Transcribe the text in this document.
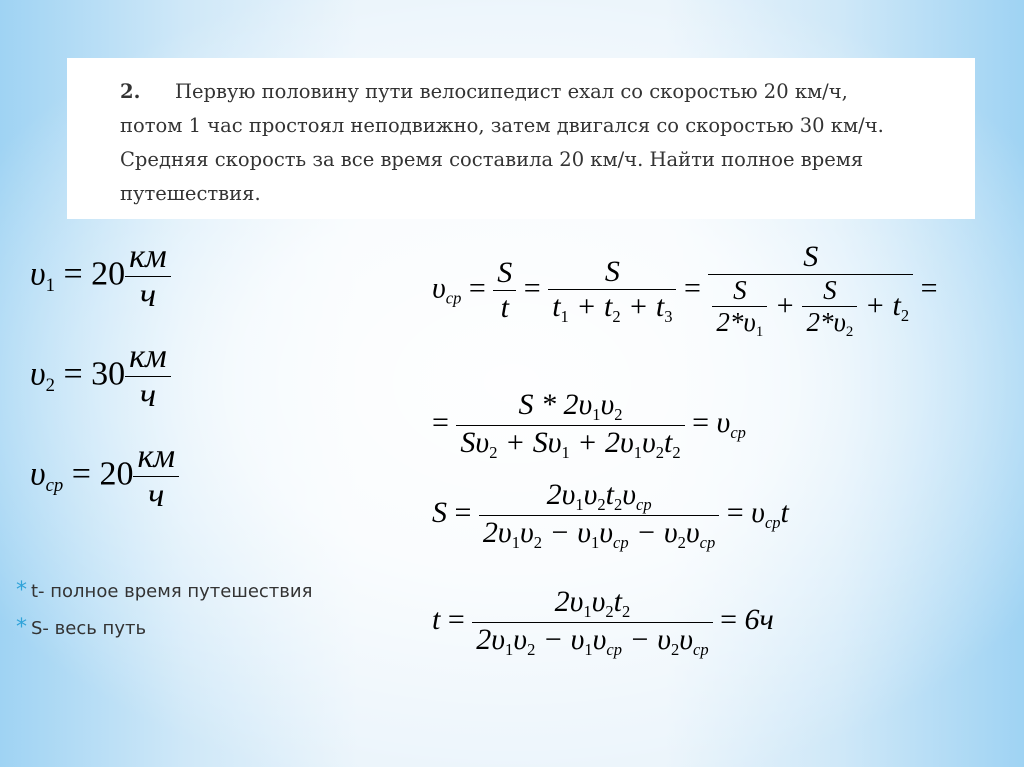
2.	Первую половину пути велосипедист ехал со скоростью 20 км/ч,
потом 1 час простоял неподвижно, затем двигался со скоростью 30 км/ч.
Средняя скорость за все время составила 20 км/ч. Найти полное время
путешествия.
$\upsilon_1 = 20 \frac{км}{ч}$
$\upsilon_2 = 30 \frac{км}{ч}$
$\upsilon_{ср} = 20 \frac{км}{ч}$
$\upsilon_{ср} = \frac{S}{t} = \frac{S}{t_1 + t_2 + t_3} = \frac{S}{\frac{S}{2*\upsilon_1} + \frac{S}{2*\upsilon_2} + t_2}$ =
= $\frac{S * 2\upsilon_1\upsilon_2}{S\upsilon_2 + S\upsilon_1 + 2\upsilon_1\upsilon_2t_2} = \upsilon_{ср}$
$S = \frac{2\upsilon_1\upsilon_2t_2\upsilon_{ср}}{2\upsilon_1\upsilon_2 - \upsilon_1\upsilon_{ср} - \upsilon_2\upsilon_{ср}} = \upsilon_{ср}t$
$t = \frac{2\upsilon_1\upsilon_2t_2}{2\upsilon_1\upsilon_2 - \upsilon_1\upsilon_{ср} - \upsilon_2\upsilon_{ср}} = 6ч$
* t- полное время путешествия
* S- весь путь
